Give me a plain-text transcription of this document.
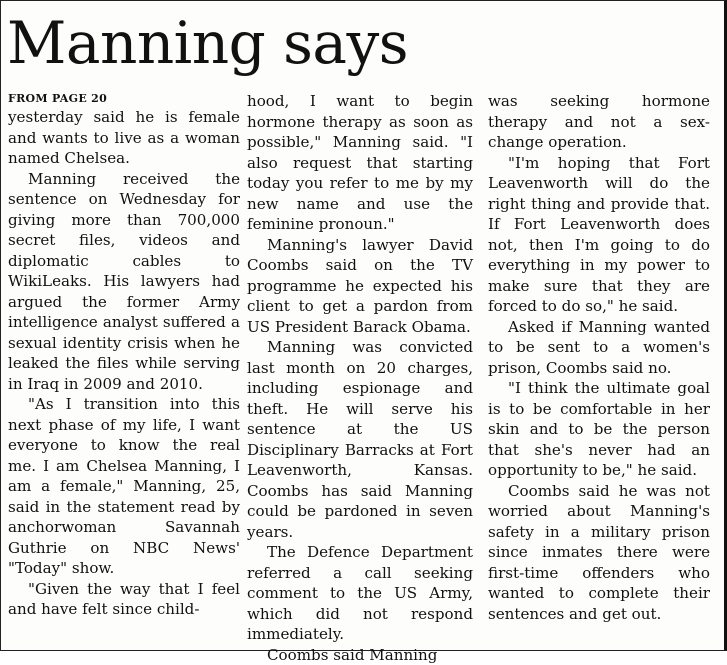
Manning says
FROM PAGE 20

yesterday said he is female and wants to live as a woman named Chelsea.

Manning received the sentence on Wednesday for giving more than 700,000 secret files, videos and diplomatic cables to WikiLeaks. His lawyers had argued the former Army intelligence analyst suffered a sexual identity crisis when he leaked the files while serving in Iraq in 2009 and 2010.

"As I transition into this next phase of my life, I want everyone to know the real me. I am Chelsea Manning, I am a female," Manning, 25, said in the statement read by anchorwoman Savannah Guthrie on NBC News' "Today" show.

"Given the way that I feel and have felt since child-

hood, I want to begin hormone therapy as soon as possible," Manning said. "I also request that starting today you refer to me by my new name and use the feminine pronoun."

Manning's lawyer David Coombs said on the TV programme he expected his client to get a pardon from US President Barack Obama.

Manning was convicted last month on 20 charges, including espionage and theft. He will serve his sentence at the US Disciplinary Barracks at Fort Leavenworth, Kansas. Coombs has said Manning could be pardoned in seven years.

The Defence Department referred a call seeking comment to the US Army, which did not respond immediately.

Coombs said Manning

was seeking hormone therapy and not a sex-change operation.

"I'm hoping that Fort Leavenworth will do the right thing and provide that. If Fort Leavenworth does not, then I'm going to do everything in my power to make sure that they are forced to do so," he said.

Asked if Manning wanted to be sent to a women's prison, Coombs said no.

"I think the ultimate goal is to be comfortable in her skin and to be the person that she's never had an opportunity to be," he said.

Coombs said he was not worried about Manning's safety in a military prison since inmates there were first-time offenders who wanted to complete their sentences and get out.
